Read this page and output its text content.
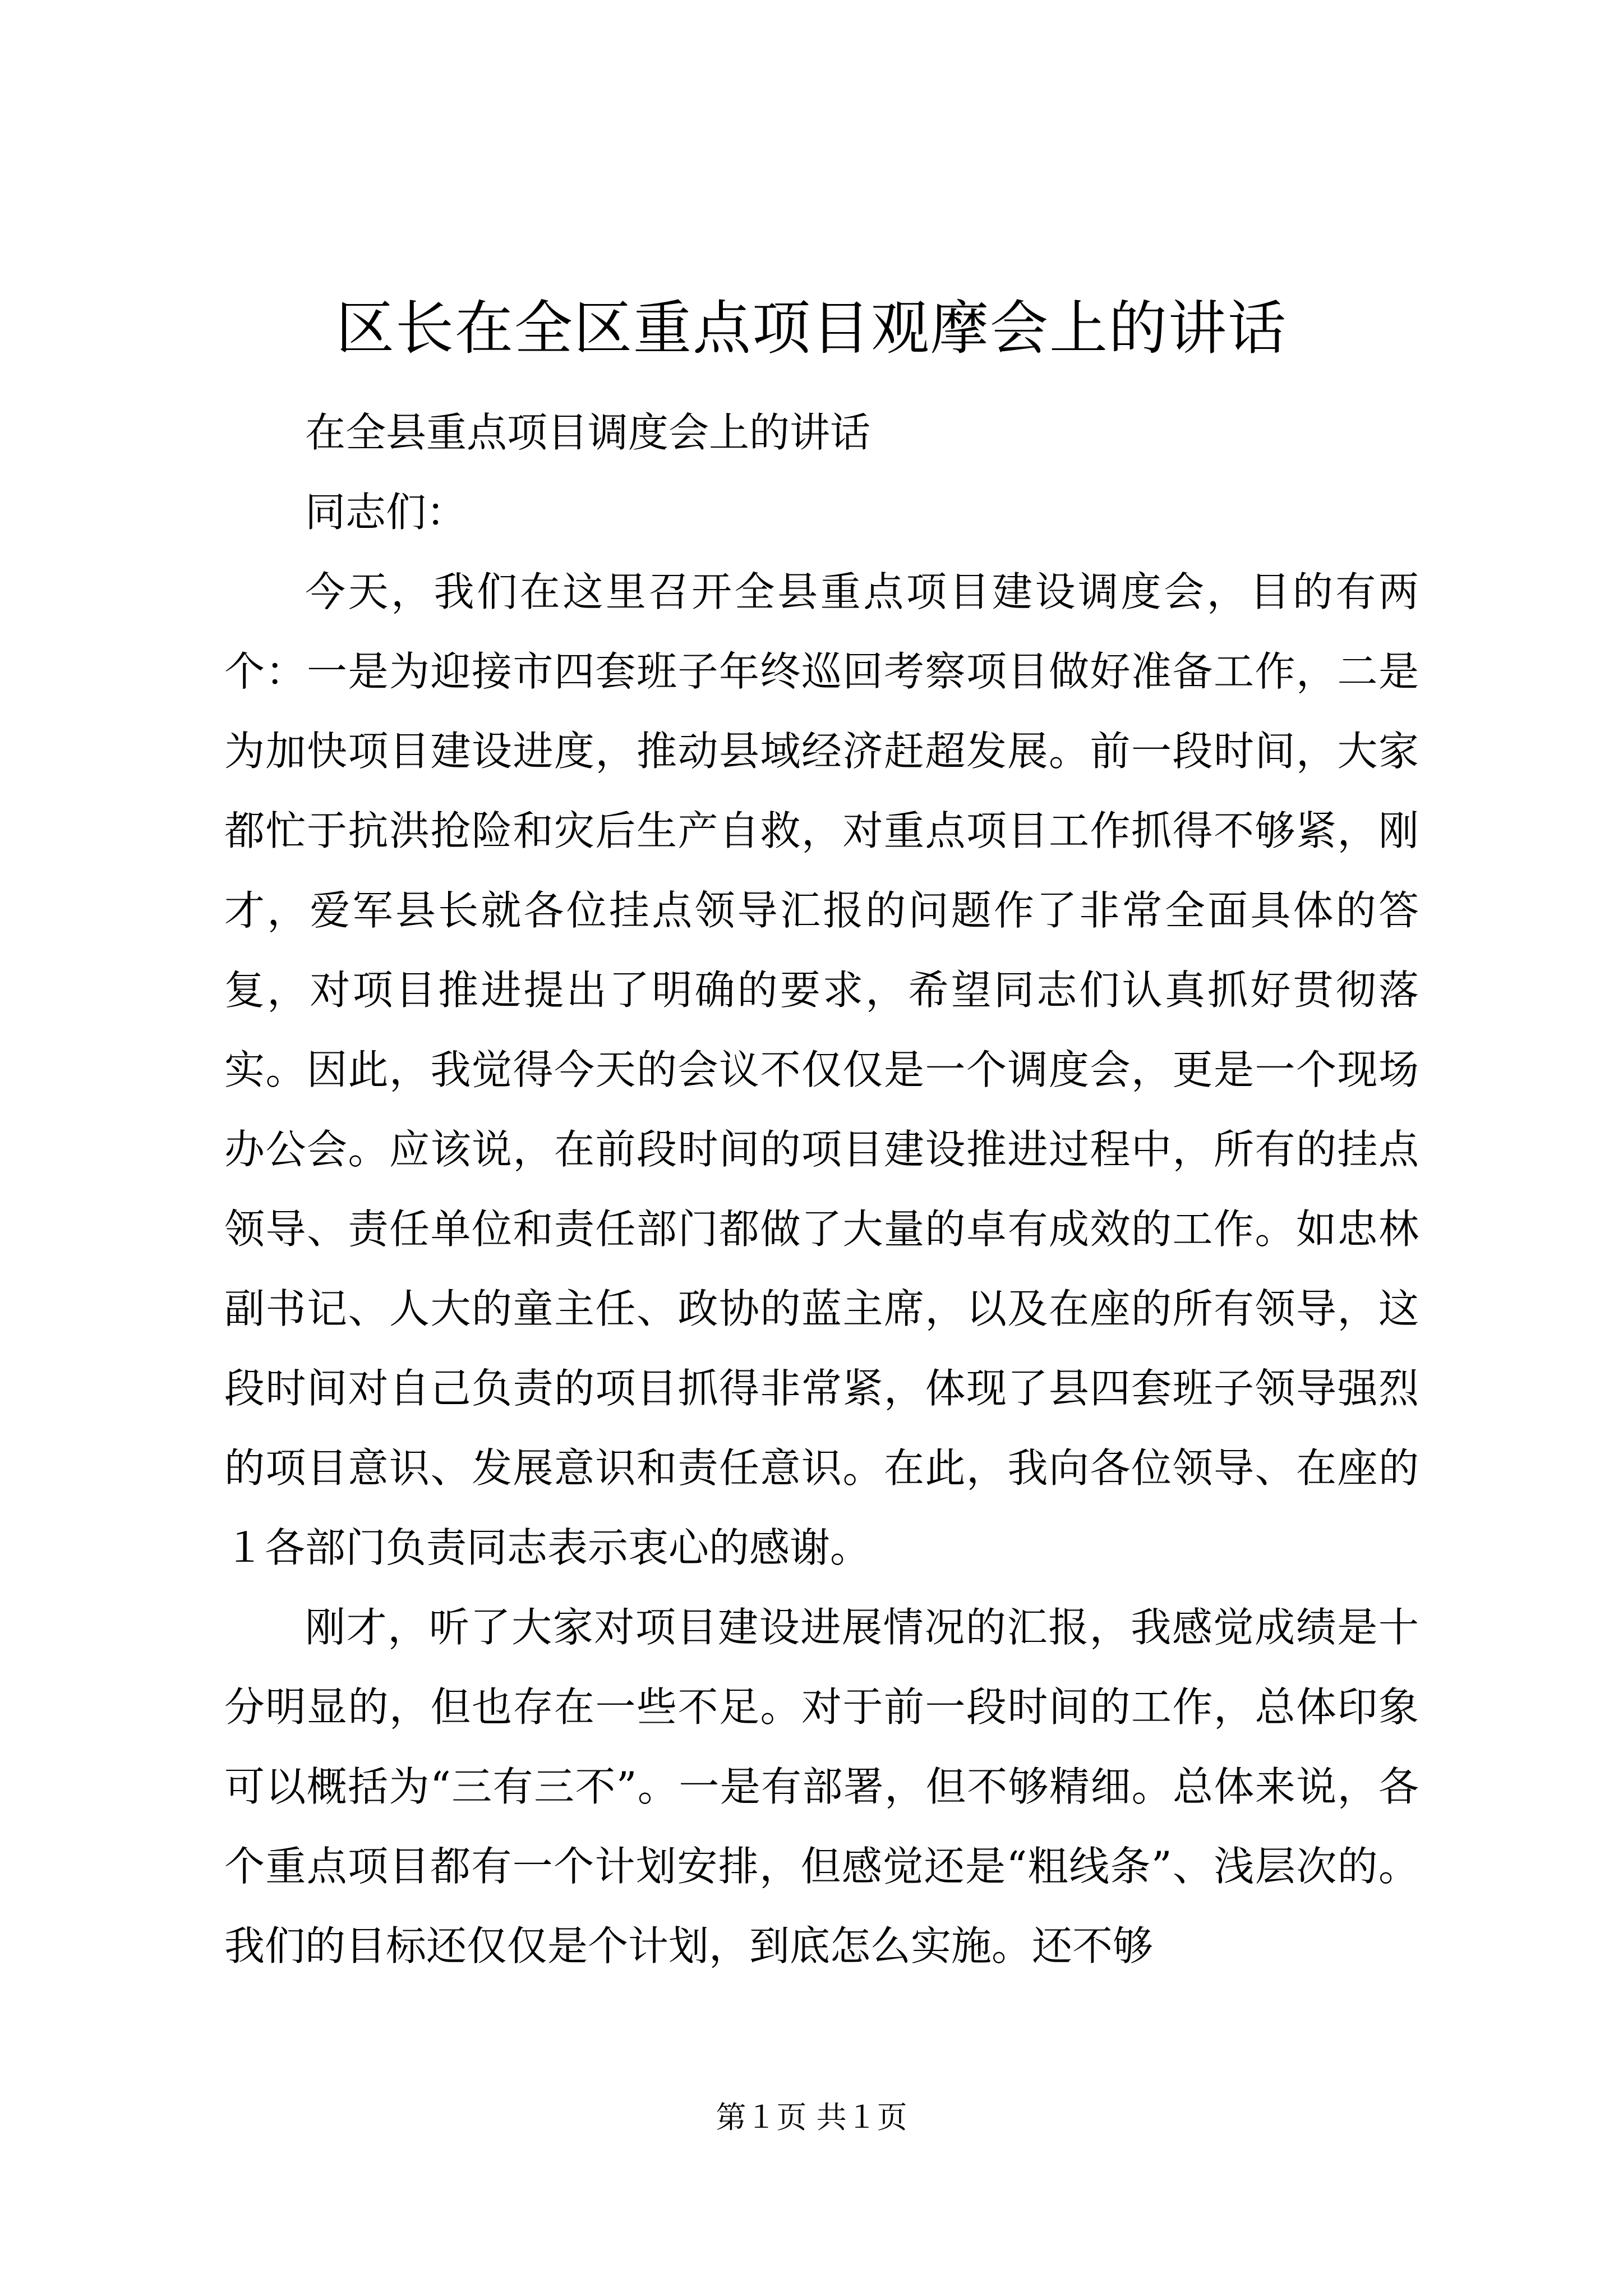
区长在全区重点项目观摩会上的讲话

在全县重点项目调度会上的讲话

同志们：

今天，我们在这里召开全县重点项目建设调度会，目的有两个：一是为迎接市四套班子年终巡回考察项目做好准备工作，二是为加快项目建设进度，推动县域经济赶超发展。前一段时间，大家都忙于抗洪抢险和灾后生产自救，对重点项目工作抓得不够紧，刚才，爱军县长就各位挂点领导汇报的问题作了非常全面具体的答复，对项目推进提出了明确的要求，希望同志们认真抓好贯彻落实。因此，我觉得今天的会议不仅仅是一个调度会，更是一个现场办公会。应该说，在前段时间的项目建设推进过程中，所有的挂点领导、责任单位和责任部门都做了大量的卓有成效的工作。如忠林副书记、人大的童主任、政协的蓝主席，以及在座的所有领导，这段时间对自己负责的项目抓得非常紧，体现了县四套班子领导强烈的项目意识、发展意识和责任意识。在此，我向各位领导、在座的１各部门负责同志表示衷心的感谢。

刚才，听了大家对项目建设进展情况的汇报，我感觉成绩是十分明显的，但也存在一些不足。对于前一段时间的工作，总体印象可以概括为“三有三不”。一是有部署，但不够精细。总体来说，各个重点项目都有一个计划安排，但感觉还是“粗线条”、浅层次的。我们的目标还仅仅是个计划，到底怎么实施。还不够

第１页 共１页
